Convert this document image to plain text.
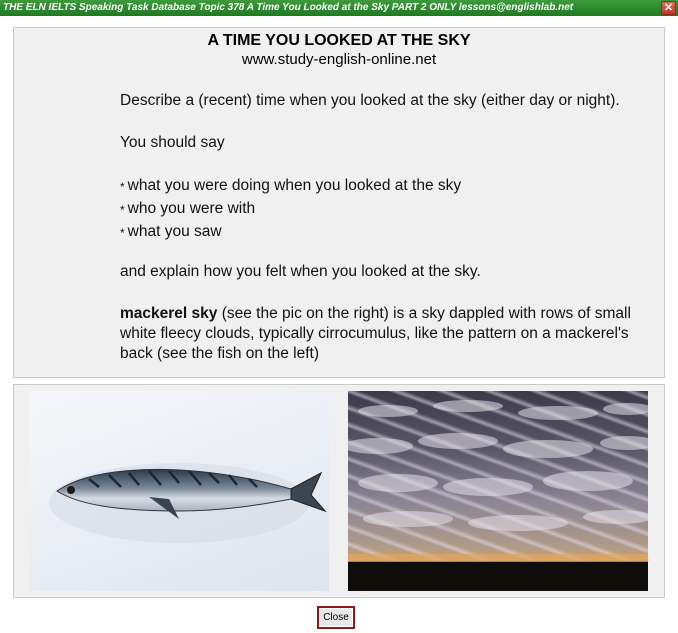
THE ELN IELTS Speaking Task Database Topic 378 A Time You Looked at the Sky PART 2 ONLY lessons@englishlab.net	✕
A TIME YOU LOOKED AT THE SKY
www.study-english-online.net

Describe a (recent) time when you looked at the sky (either day or night).

You should say

* what you were doing when you looked at the sky
* who you were with
* what you saw

and explain how you felt when you looked at the sky.

mackerel sky (see the pic on the right) is a sky dappled with rows of small white fleecy clouds, typically cirrocumulus, like the pattern on a mackerel's back (see the fish on the left)

Close
